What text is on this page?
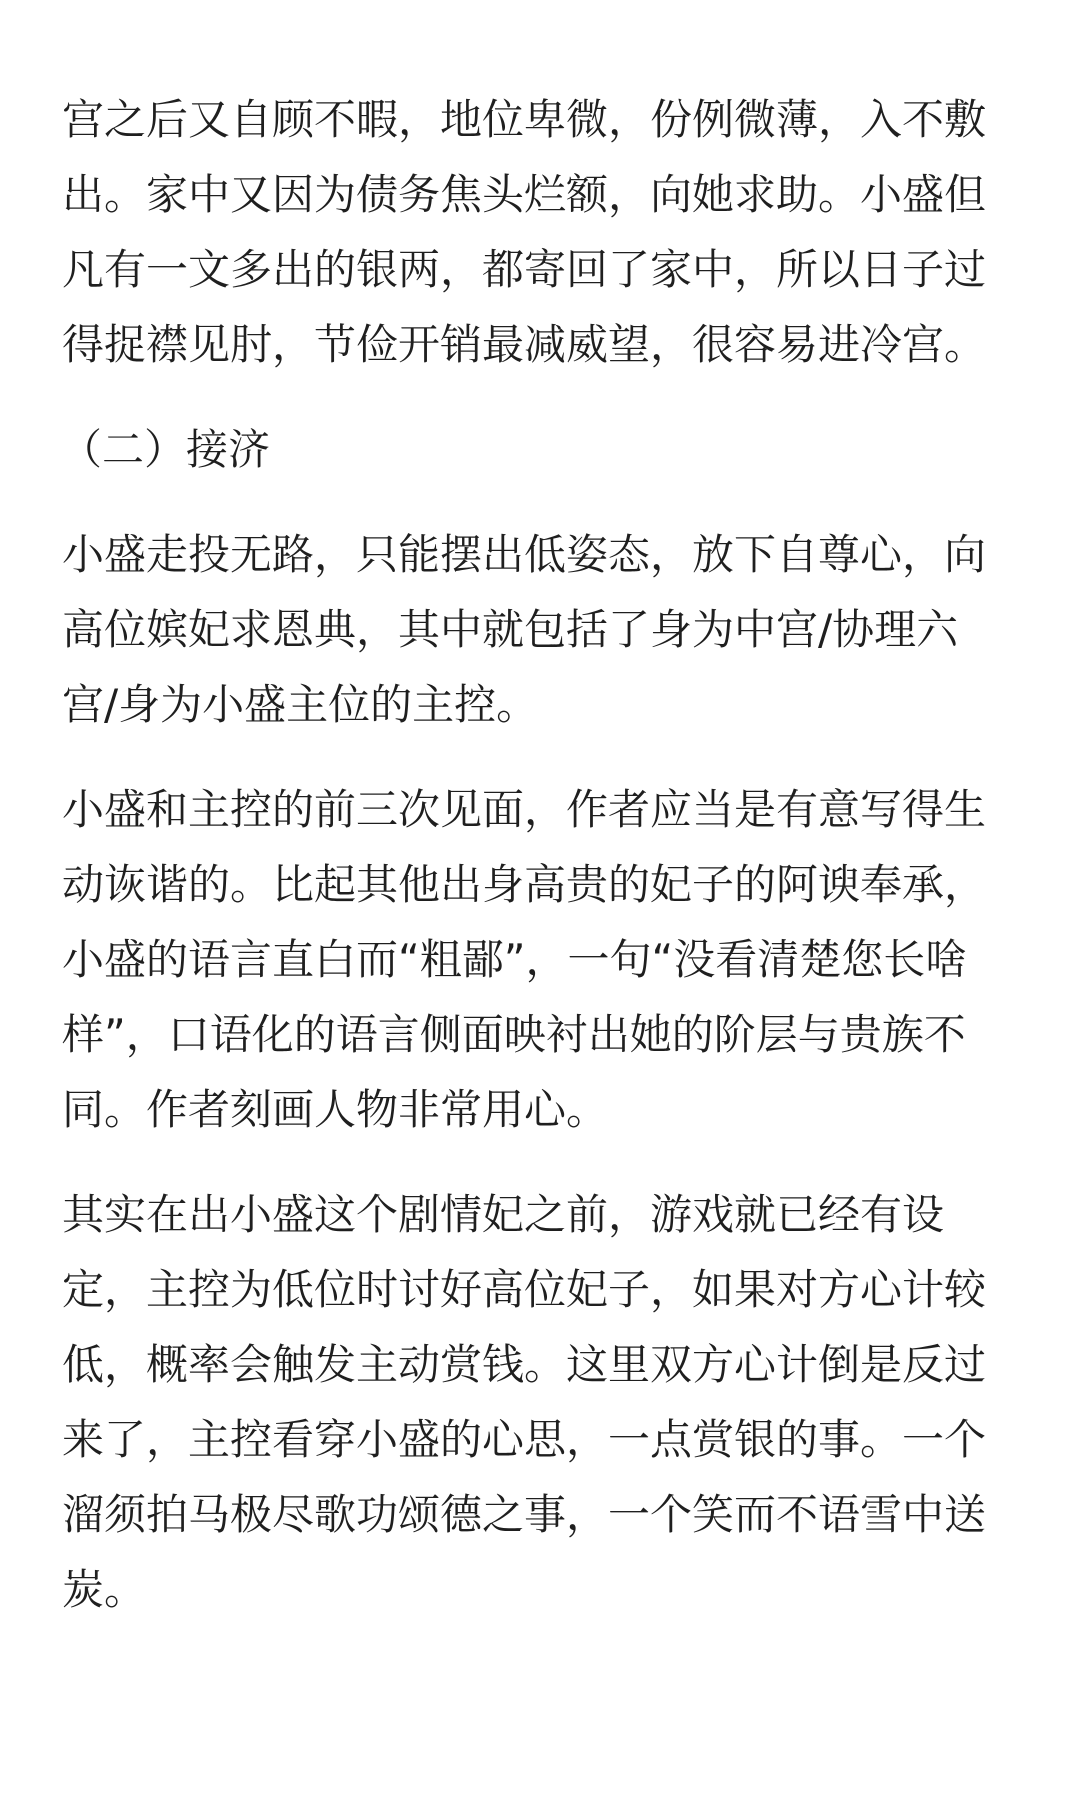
宫之后又自顾不暇，地位卑微，份例微薄，入不敷
出。家中又因为债务焦头烂额，向她求助。小盛但
凡有一文多出的银两，都寄回了家中，所以日子过
得捉襟见肘，节俭开销最减威望，很容易进冷宫。

（二）接济

小盛走投无路，只能摆出低姿态，放下自尊心，向
高位嫔妃求恩典，其中就包括了身为中宫/协理六
宫/身为小盛主位的主控。

小盛和主控的前三次见面，作者应当是有意写得生
动诙谐的。比起其他出身高贵的妃子的阿谀奉承，
小盛的语言直白而“粗鄙”，一句“没看清楚您长啥
样”，口语化的语言侧面映衬出她的阶层与贵族不
同。作者刻画人物非常用心。

其实在出小盛这个剧情妃之前，游戏就已经有设
定，主控为低位时讨好高位妃子，如果对方心计较
低，概率会触发主动赏钱。这里双方心计倒是反过
来了，主控看穿小盛的心思，一点赏银的事。一个
溜须拍马极尽歌功颂德之事，一个笑而不语雪中送
炭。
